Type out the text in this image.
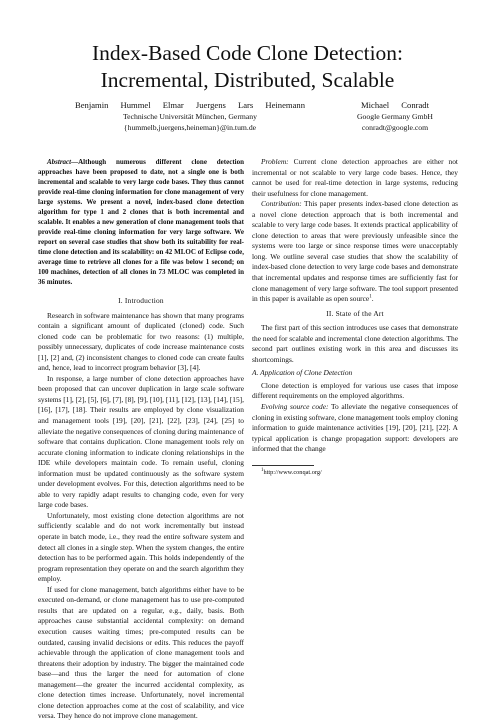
Index-Based Code Clone Detection:
Incremental, Distributed, Scalable
Benjamin Hummel Elmar Juergens Lars Heinemann
Technische Universität München, Germany
{hummelb,juergens,heineman}@in.tum.de
Michael Conradt
Google Germany GmbH
conradt@google.com

Abstract—Although numerous different clone detection approaches have been proposed to date, not a single one is both incremental and scalable to very large code bases. They thus cannot provide real-time cloning information for clone management of very large systems. We present a novel, index-based clone detection algorithm for type 1 and 2 clones that is both incremental and scalable. It enables a new generation of clone management tools that provide real-time cloning information for very large software. We report on several case studies that show both its suitability for real-time clone detection and its scalability: on 42 MLOC of Eclipse code, average time to retrieve all clones for a file was below 1 second; on 100 machines, detection of all clones in 73 MLOC was completed in 36 minutes.

I. Introduction

Research in software maintenance has shown that many programs contain a significant amount of duplicated (cloned) code. Such cloned code can be problematic for two reasons: (1) multiple, possibly unnecessary, duplicates of code increase maintenance costs [1], [2] and, (2) inconsistent changes to cloned code can create faults and, hence, lead to incorrect program behavior [3], [4].

In response, a large number of clone detection approaches have been proposed that can uncover duplication in large scale software systems [1], [2], [5], [6], [7], [8], [9], [10], [11], [12], [13], [14], [15], [16], [17], [18]. Their results are employed by clone visualization and management tools [19], [20], [21], [22], [23], [24], [25] to alleviate the negative consequences of cloning during maintenance of software that contains duplication. Clone management tools rely on accurate cloning information to indicate cloning relationships in the IDE while developers maintain code. To remain useful, cloning information must be updated continuously as the software system under development evolves. For this, detection algorithms need to be able to very rapidly adapt results to changing code, even for very large code bases.

Unfortunately, most existing clone detection algorithms are not sufficiently scalable and do not work incrementally but instead operate in batch mode, i.e., they read the entire software system and detect all clones in a single step. When the system changes, the entire detection has to be performed again. This holds independently of the program representation they operate on and the search algorithm they employ.

If used for clone management, batch algorithms either have to be executed on-demand, or clone management has to use pre-computed results that are updated on a regular, e.g., daily, basis. Both approaches cause substantial accidental complexity: on demand execution causes waiting times; pre-computed results can be outdated, causing invalid decisions or edits. This reduces the payoff achievable through the application of clone management tools and threatens their adoption by industry. The bigger the maintained code base—and thus the larger the need for automation of clone management—the greater the incurred accidental complexity, as clone detection times increase. Unfortunately, novel incremental clone detection approaches come at the cost of scalability, and vice versa. They hence do not improve clone management.

Problem: Current clone detection approaches are either not incremental or not scalable to very large code bases. Hence, they cannot be used for real-time detection in large systems, reducing their usefulness for clone management.

Contribution: This paper presents index-based clone detection as a novel clone detection approach that is both incremental and scalable to very large code bases. It extends practical applicability of clone detection to areas that were previously unfeasible since the systems were too large or since response times were unacceptably long. We outline several case studies that show the scalability of index-based clone detection to very large code bases and demonstrate that incremental updates and response times are sufficiently fast for clone management of very large software. The tool support presented in this paper is available as open source$^1$.

II. State of the Art

The first part of this section introduces use cases that demonstrate the need for scalable and incremental clone detection algorithms. The second part outlines existing work in this area and discusses its shortcomings.

A. Application of Clone Detection

Clone detection is employed for various use cases that impose different requirements on the employed algorithms.

Evolving source code: To alleviate the negative consequences of cloning in existing software, clone management tools employ cloning information to guide maintenance activities [19], [20], [21], [22]. A typical application is change propagation support: developers are informed that the change

$^1$http://www.conqat.org/
